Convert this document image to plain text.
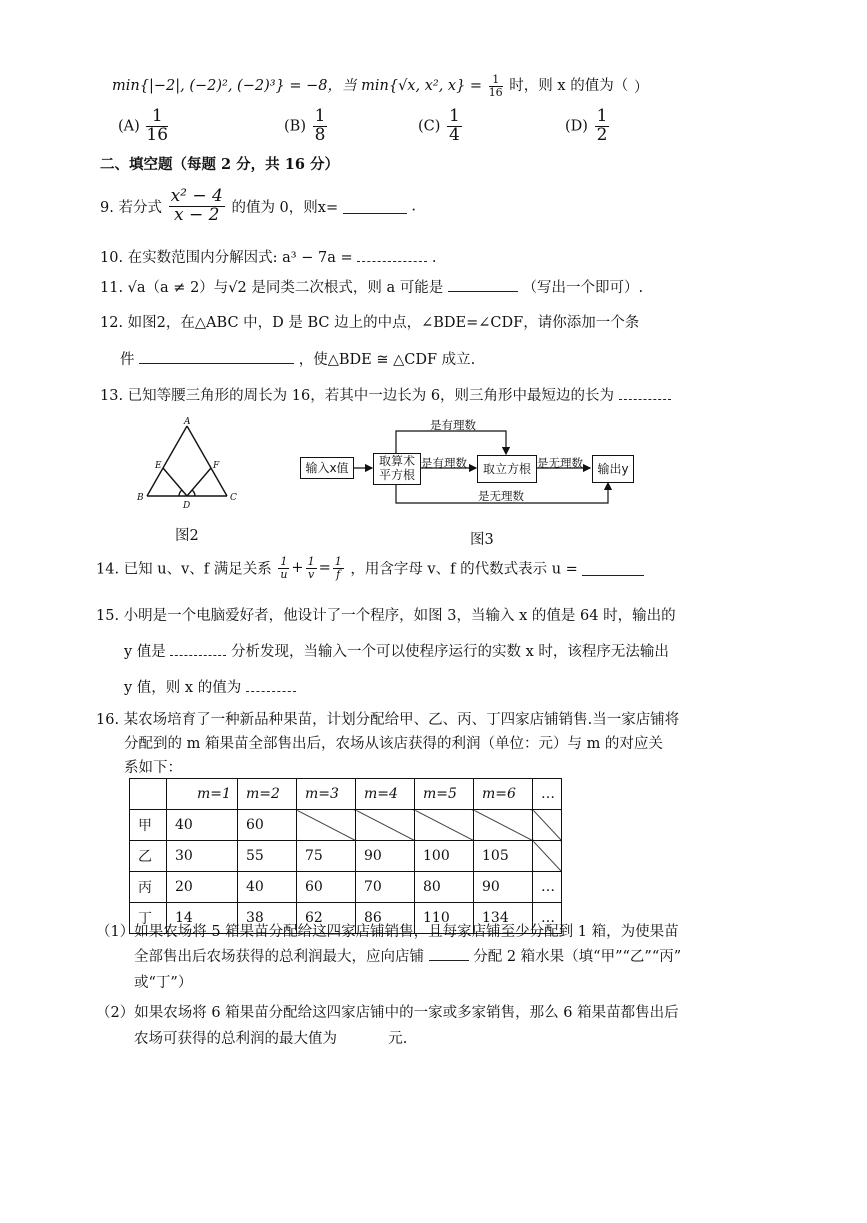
min{|−2|, (−2)², (−2)³} = −8，当 min{√x, x², $x\} = \frac{1}{16}$ 时，则 x 的值为（ ）
$(A) \frac{1}{16}$	$(B) \frac{1}{8}$	$(C) \frac{1}{4}$	$(D) \frac{1}{2}$
二、填空题（每题 2 分，共 16 分）
9. 若分式 $\frac{\text{x² − 4}}{x - 2}$ 的值为 0，则x=	.
10. 在实数范围内分解因式: a³ − 7a =	.
11. √a（a ≠ 2）与√2 是同类二次根式，则 a 可能是	（写出一个即可）.
12. 如图2，在△ABC 中，D 是 BC 边上的中点，∠BDE=∠CDF，请你添加一个条
件	，使△BDE ≅ △CDF 成立.
13. 已知等腰三角形的周长为 16，若其中一边长为 6，则三角形中最短边的长为
A
B	C
D
E	F
图2
输入x值	取算术平方根	取立方根	输出y
是有理数
是有理数	是无理数
是无理数
图3
14. 已知 u、v、f 满足关系 $\frac{1}{u} + \frac{1}{v} = \frac{1}{f}$ ，用含字母 v、f 的代数式表示 u =
15. 小明是一个电脑爱好者，他设计了一个程序，如图 3，当输入 x 的值是 64 时，输出的
y 值是	分析发现，当输入一个可以使程序运行的实数 x 时，该程序无法输出
y 值，则 x 的值为
16. 某农场培育了一种新品种果苗，计划分配给甲、乙、丙、丁四家店铺销售.当一家店铺将
分配到的 m 箱果苗全部售出后，农场从该店获得的利润（单位：元）与 m 的对应关
系如下：
	m=1	m=2	m=3	m=4	m=5	m=6	…
甲	40	60					
乙	30	55	75	90	100	105	
丙	20	40	60	70	80	90	…
丁	14	38	62	86	110	134	…
（1）如果农场将 5 箱果苗分配给这四家店铺销售，且每家店铺至少分配到 1 箱，为使果苗
全部售出后农场获得的总利润最大，应向店铺	分配 2 箱水果（填“甲”“乙”“丙”
或“丁”）
（2）如果农场将 6 箱果苗分配给这四家店铺中的一家或多家销售，那么 6 箱果苗都售出后
农场可获得的总利润的最大值为	元.
